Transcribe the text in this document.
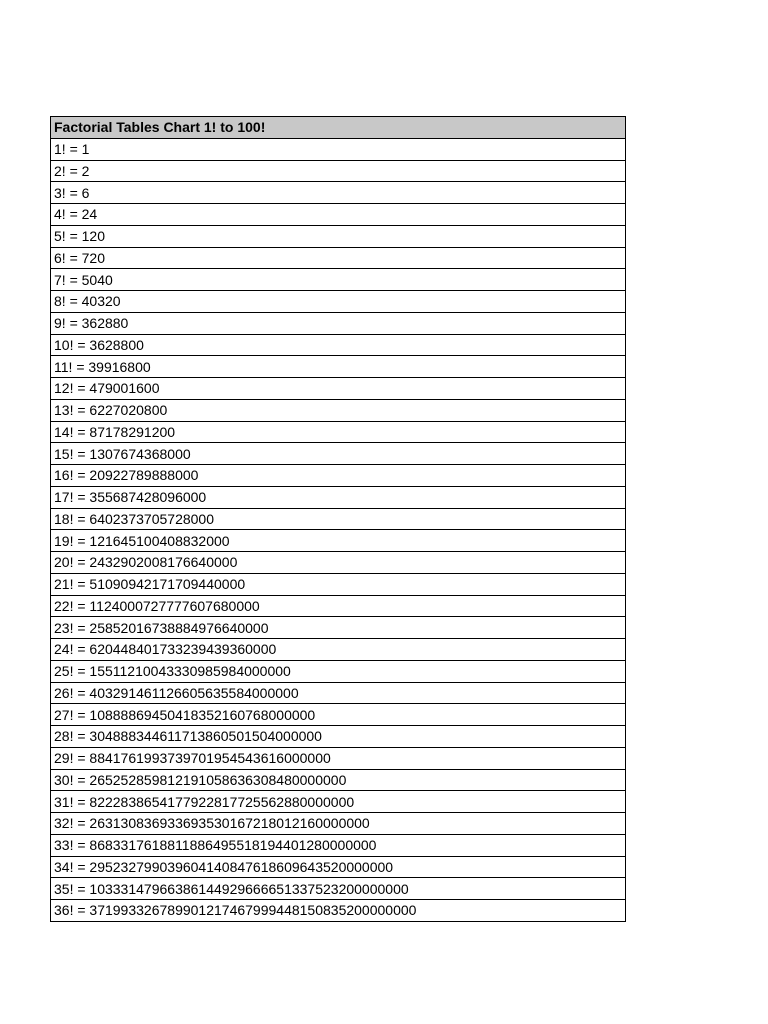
Factorial Tables Chart 1! to 100!
1! = 1
2! = 2
3! = 6
4! = 24
5! = 120
6! = 720
7! = 5040
8! = 40320
9! = 362880
10! = 3628800
11! = 39916800
12! = 479001600
13! = 6227020800
14! = 87178291200
15! = 1307674368000
16! = 20922789888000
17! = 355687428096000
18! = 6402373705728000
19! = 121645100408832000
20! = 2432902008176640000
21! = 51090942171709440000
22! = 1124000727777607680000
23! = 25852016738884976640000
24! = 620448401733239439360000
25! = 15511210043330985984000000
26! = 403291461126605635584000000
27! = 10888869450418352160768000000
28! = 304888344611713860501504000000
29! = 8841761993739701954543616000000
30! = 265252859812191058636308480000000
31! = 8222838654177922817725562880000000
32! = 263130836933693530167218012160000000
33! = 8683317618811886495518194401280000000
34! = 295232799039604140847618609643520000000
35! = 10333147966386144929666651337523200000000
36! = 371993326789901217467999448150835200000000
